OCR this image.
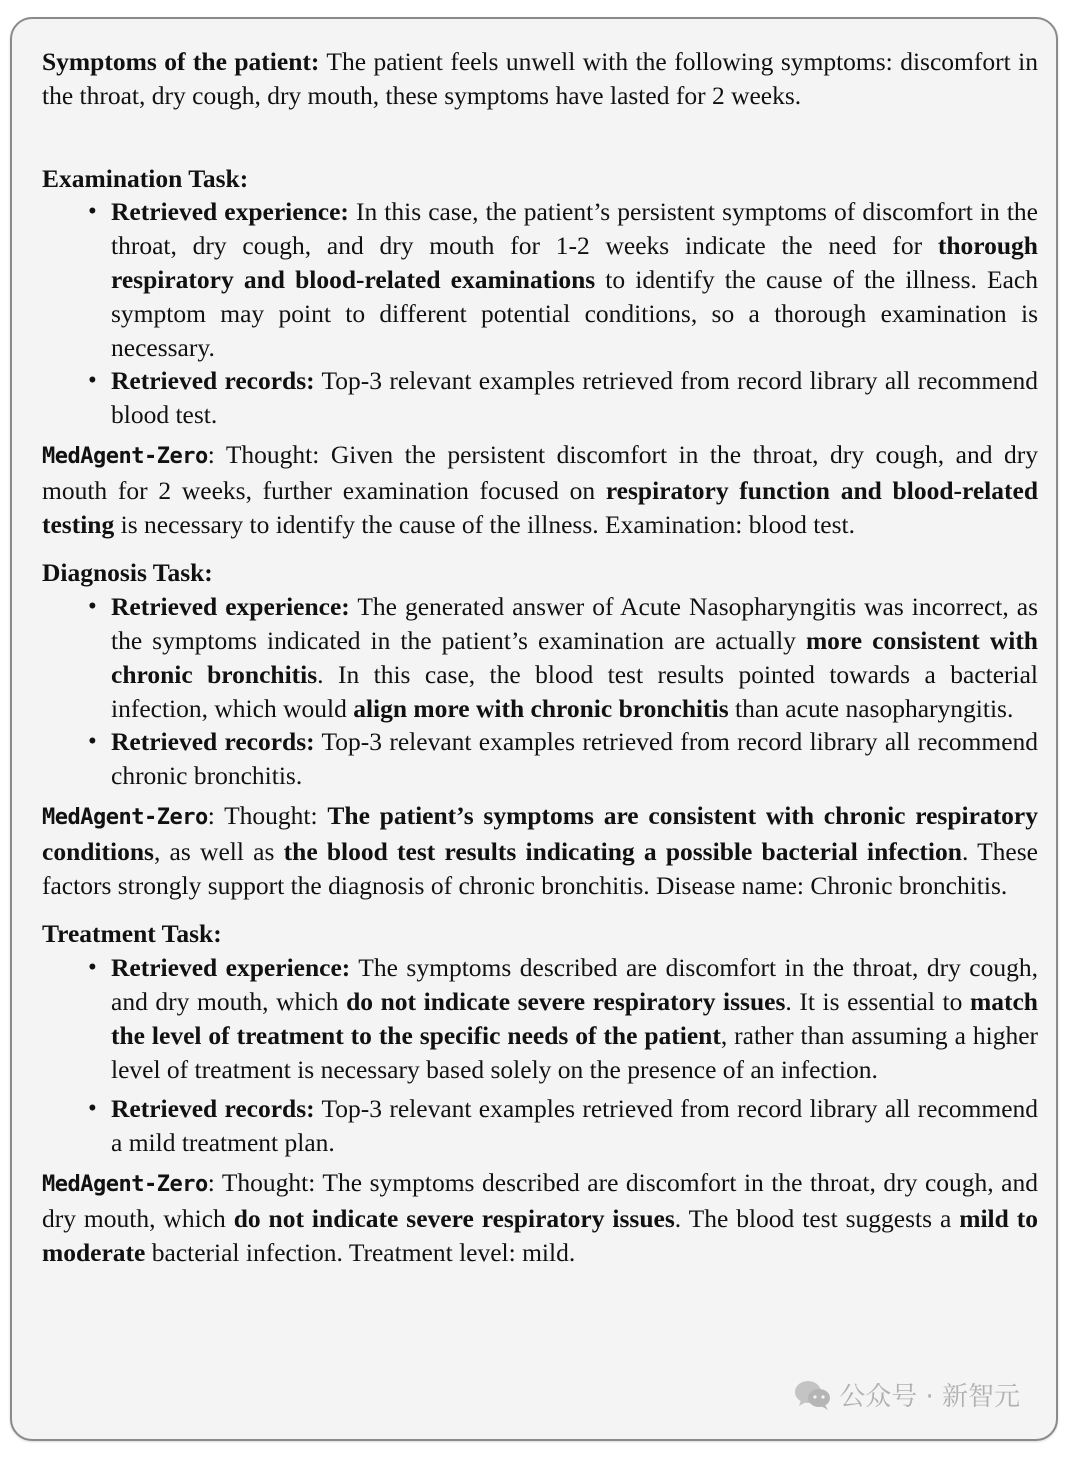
Symptoms of the patient: The patient feels unwell with the following symptoms: discomfort in the throat, dry cough, dry mouth, these symptoms have lasted for 2 weeks.

Examination Task:

• Retrieved experience: In this case, the patient’s persistent symptoms of discomfort in the throat, dry cough, and dry mouth for 1-2 weeks indicate the need for thorough respiratory and blood-related examinations to identify the cause of the illness. Each symptom may point to different potential conditions, so a thorough examination is necessary.
• Retrieved records: Top-3 relevant examples retrieved from record library all recommend blood test.

MedAgent-Zero: Thought: Given the persistent discomfort in the throat, dry cough, and dry mouth for 2 weeks, further examination focused on respiratory function and blood-related testing is necessary to identify the cause of the illness. Examination: blood test.

Diagnosis Task:

• Retrieved experience: The generated answer of Acute Nasopharyngitis was incorrect, as the symptoms indicated in the patient’s examination are actually more consistent with chronic bronchitis. In this case, the blood test results pointed towards a bacterial infection, which would align more with chronic bronchitis than acute nasopharyngitis.
• Retrieved records: Top-3 relevant examples retrieved from record library all recommend chronic bronchitis.

MedAgent-Zero: Thought: The patient’s symptoms are consistent with chronic respiratory conditions, as well as the blood test results indicating a possible bacterial infection. These factors strongly support the diagnosis of chronic bronchitis. Disease name: Chronic bronchitis.

Treatment Task:

• Retrieved experience: The symptoms described are discomfort in the throat, dry cough, and dry mouth, which do not indicate severe respiratory issues. It is essential to match the level of treatment to the specific needs of the patient, rather than assuming a higher level of treatment is necessary based solely on the presence of an infection.
• Retrieved records: Top-3 relevant examples retrieved from record library all recommend a mild treatment plan.

MedAgent-Zero: Thought: The symptoms described are discomfort in the throat, dry cough, and dry mouth, which do not indicate severe respiratory issues. The blood test suggests a mild to moderate bacterial infection. Treatment level: mild.

公众号 · 新智元
